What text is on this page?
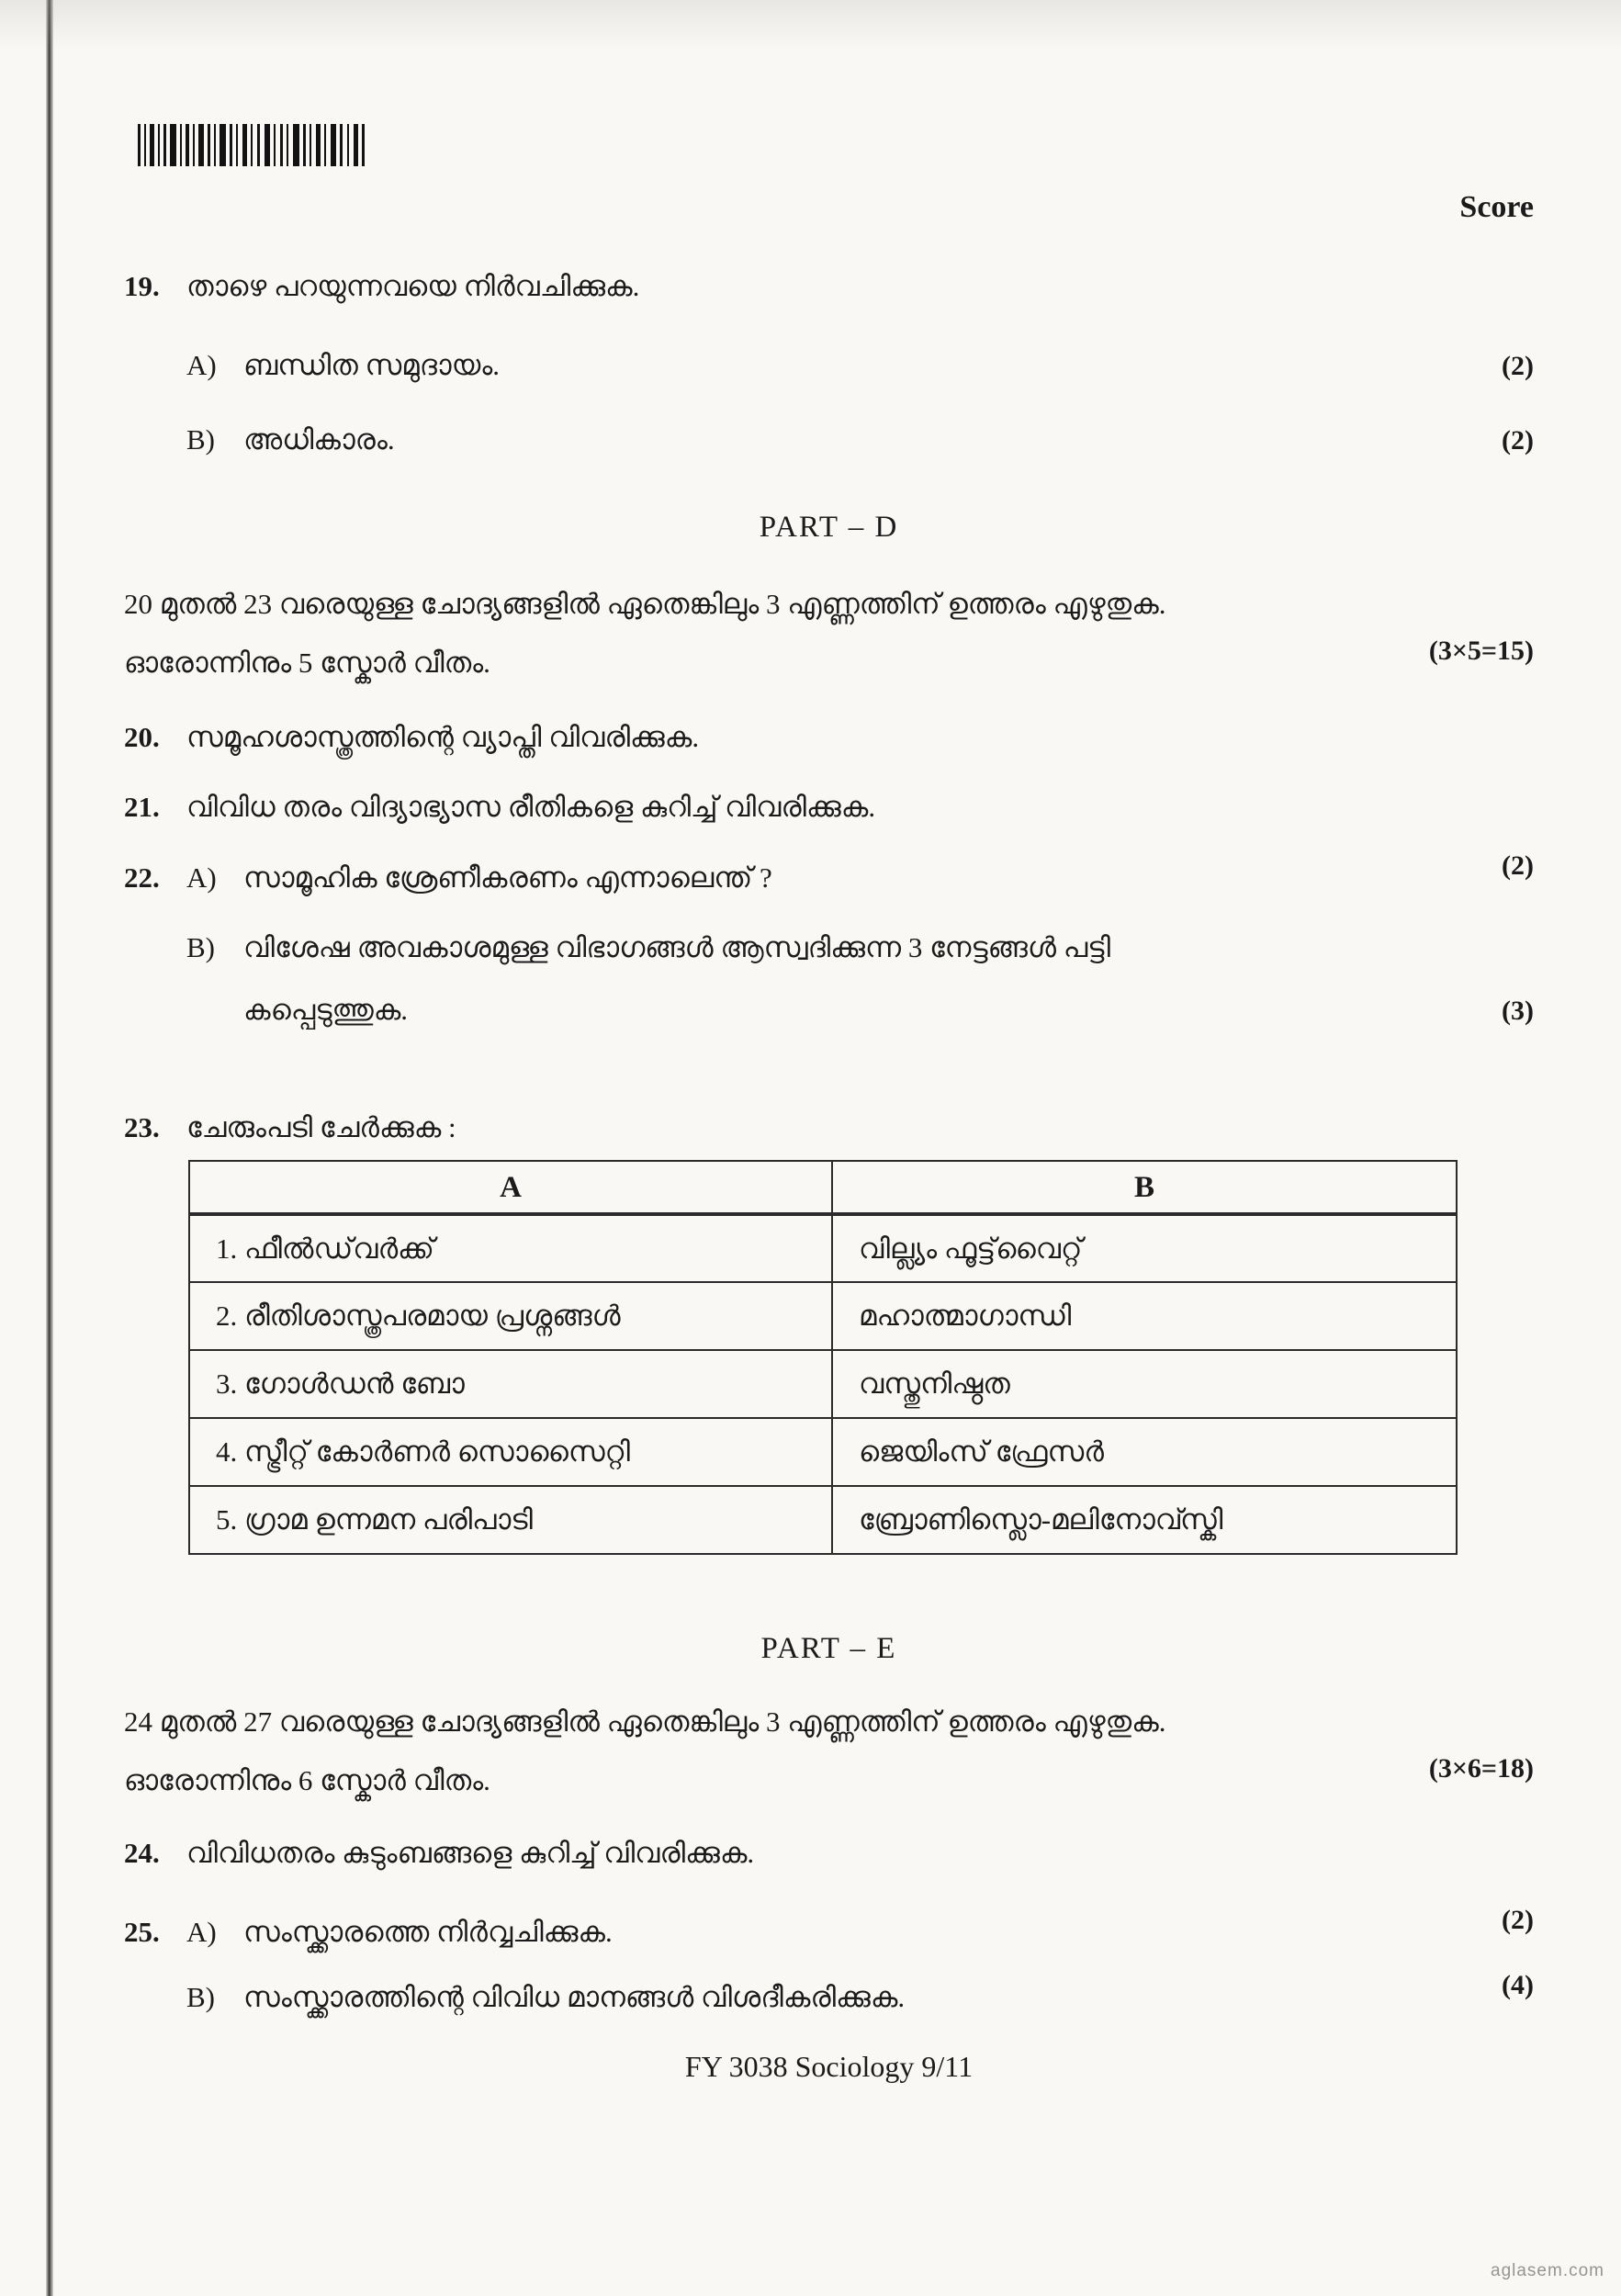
Score
19. താഴെ പറയുന്നവയെ നിർവചിക്കുക.
A) ബന്ധിത സമുദായം.	(2)
B)	അധികാരം.	(2)
PART – D
20 മുതൽ 23 വരെയുള്ള ചോദ്യങ്ങളിൽ ഏതെങ്കിലും 3 എണ്ണത്തിന് ഉത്തരം എഴുതുക.
ഓരോന്നിനും 5 സ്കോർ വീതം.	(3×5=15)
20. സമൂഹശാസ്ത്രത്തിന്റെ വ്യാപ്തി വിവരിക്കുക.
21. വിവിധ തരം വിദ്യാഭ്യാസ രീതികളെ കുറിച്ച് വിവരിക്കുക.
22. A) സാമൂഹിക ശ്രേണീകരണം എന്നാലെന്ത് ?	(2)
B)	വിശേഷ അവകാശമുള്ള വിഭാഗങ്ങൾ ആസ്വദിക്കുന്ന 3 നേട്ടങ്ങൾ പട്ടി
കപ്പെടുത്തുക.	(3)
23. ചേരുംപടി ചേർക്കുക :
A	B
1. ഫീൽഡ്‌വർക്ക്	വില്ല്യം ഫൂട്ട്‌വൈറ്റ്
2. രീതിശാസ്ത്രപരമായ പ്രശ്നങ്ങൾ	മഹാത്മാഗാന്ധി
3. ഗോൾഡൻ ബോ	വസ്തുനിഷ്ഠത
4. സ്ട്രീറ്റ് കോർണർ സൊസൈറ്റി	ജെയിംസ് ഫ്രേസർ
5. ഗ്രാമ ഉന്നമന പരിപാടി	ബ്രോണിസ്ലൊ-മലിനോവ്സ്കി
PART – E
24 മുതൽ 27 വരെയുള്ള ചോദ്യങ്ങളിൽ ഏതെങ്കിലും 3 എണ്ണത്തിന് ഉത്തരം എഴുതുക.
ഓരോന്നിനും 6 സ്കോർ വീതം.	(3×6=18)
24. വിവിധതരം കുടുംബങ്ങളെ കുറിച്ച് വിവരിക്കുക.
25. A) സംസ്ക്കാരത്തെ നിർവ്വചിക്കുക.	(2)
B)	സംസ്ക്കാരത്തിന്റെ വിവിധ മാനങ്ങൾ വിശദീകരിക്കുക.	(4)
FY 3038 Sociology 9/11
aglasem.com
